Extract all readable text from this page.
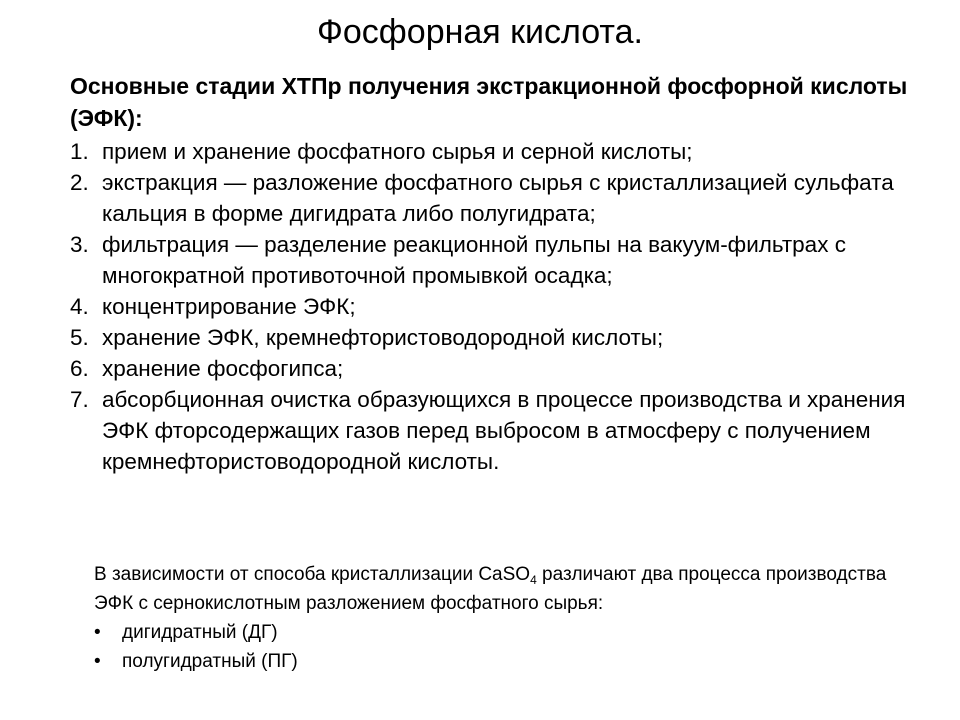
Фосфорная кислота.
Основные стадии ХТПр получения экстракционной фосфорной кислоты (ЭФК):
1. прием и хранение фосфатного сырья и серной кислоты;
2. экстракция — разложение фосфатного сырья с кристаллизацией сульфата кальция в форме дигидрата либо полугидрата;
3. фильтрация — разделение реакционной пульпы на вакуум-фильтрах с многократной противоточной промывкой осадка;
4. концентрирование ЭФК;
5. хранение ЭФК, кремнефтористоводородной кислоты;
6. хранение фосфогипса;
7. абсорбционная очистка образующихся в процессе производства и хранения ЭФК фторсодержащих газов перед выбросом в атмосферу с получением кремнефтористоводородной кислоты.
В зависимости от способа кристаллизации CaSO$_4$ различают два процесса производства ЭФК с сернокислотным разложением фосфатного сырья:
• дигидратный (ДГ)
• полугидратный (ПГ)
